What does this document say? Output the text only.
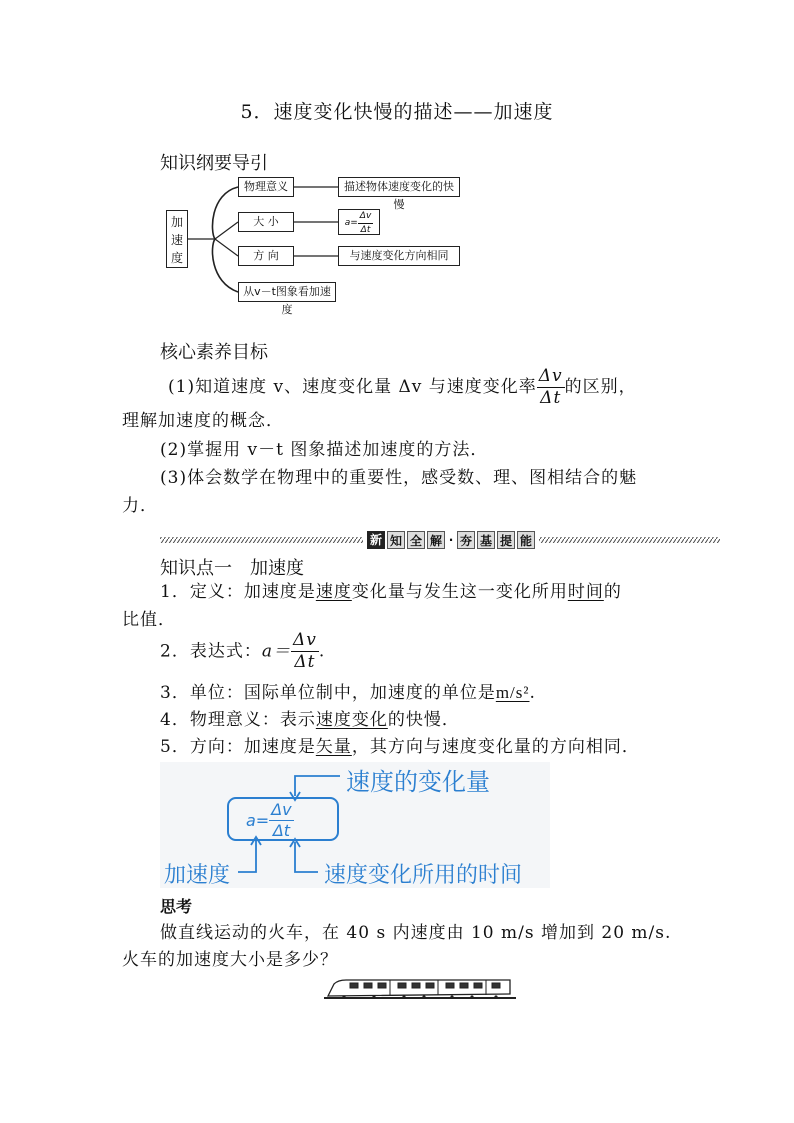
5．速度变化快慢的描述——加速度
知识纲要导引
加速度
物理意义	描述物体速度变化的快慢
大 小	$a= \frac{\Delta v}{\Delta t}$
方 向	与速度变化方向相同
从v－t图象看加速度
核心素养目标
(1)知道速度 v、速度变化量 Δv 与速度变化率 $\frac{\Delta v}{\Delta t}$ 的区别，
理解加速度的概念．
(2)掌握用 v－t 图象描述加速度的方法．
(3)体会数学在物理中的重要性，感受数、理、图相结合的魅
力．
新 知 全 解 · 夯 基 提 能
知识点一　加速度
1．定义：加速度是速度变化量与发生这一变化所用时间的
比值．
2．表达式：$a= \frac{\Delta v}{\Delta t}$ .
3．单位：国际单位制中，加速度的单位是m/s².
4．物理意义：表示速度变化的快慢．
5．方向：加速度是矢量，其方向与速度变化量的方向相同．
速度的变化量
加速度	速度变化所用的时间
$a= \frac{\Delta v}{\Delta t}$
思考
做直线运动的火车，在 40 s 内速度由 10 m/s 增加到 20 m/s.
火车的加速度大小是多少？
